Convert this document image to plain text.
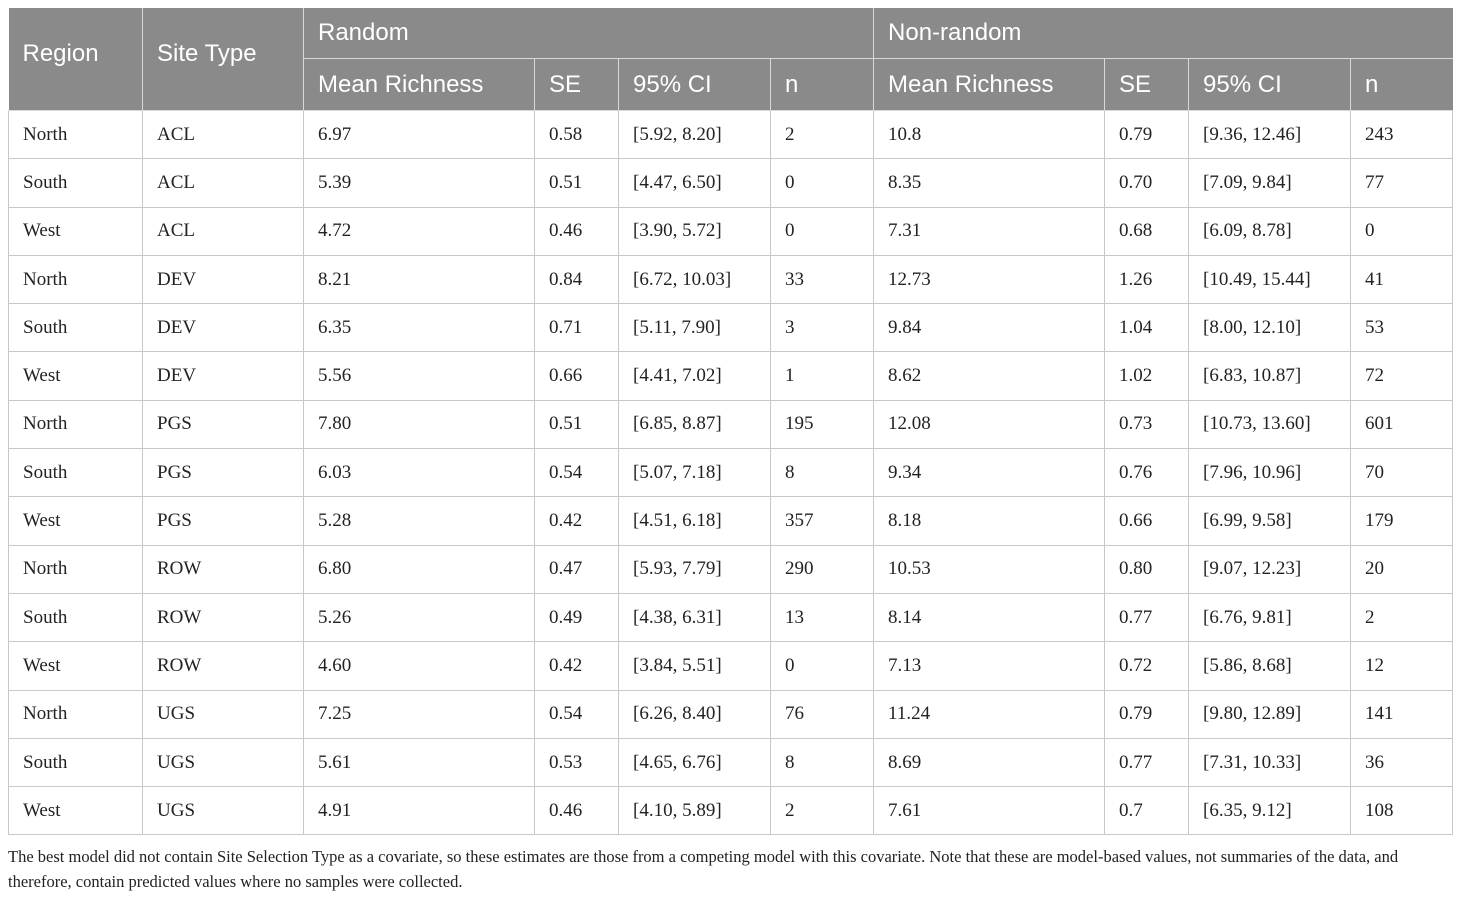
Region	Site Type	Random				Non-random			
		Mean Richness	SE	95% CI	n	Mean Richness	SE	95% CI	n
North	ACL	6.97	0.58	[5.92, 8.20]	2	10.8	0.79	[9.36, 12.46]	243
South	ACL	5.39	0.51	[4.47, 6.50]	0	8.35	0.70	[7.09, 9.84]	77
West	ACL	4.72	0.46	[3.90, 5.72]	0	7.31	0.68	[6.09, 8.78]	0
North	DEV	8.21	0.84	[6.72, 10.03]	33	12.73	1.26	[10.49, 15.44]	41
South	DEV	6.35	0.71	[5.11, 7.90]	3	9.84	1.04	[8.00, 12.10]	53
West	DEV	5.56	0.66	[4.41, 7.02]	1	8.62	1.02	[6.83, 10.87]	72
North	PGS	7.80	0.51	[6.85, 8.87]	195	12.08	0.73	[10.73, 13.60]	601
South	PGS	6.03	0.54	[5.07, 7.18]	8	9.34	0.76	[7.96, 10.96]	70
West	PGS	5.28	0.42	[4.51, 6.18]	357	8.18	0.66	[6.99, 9.58]	179
North	ROW	6.80	0.47	[5.93, 7.79]	290	10.53	0.80	[9.07, 12.23]	20
South	ROW	5.26	0.49	[4.38, 6.31]	13	8.14	0.77	[6.76, 9.81]	2
West	ROW	4.60	0.42	[3.84, 5.51]	0	7.13	0.72	[5.86, 8.68]	12
North	UGS	7.25	0.54	[6.26, 8.40]	76	11.24	0.79	[9.80, 12.89]	141
South	UGS	5.61	0.53	[4.65, 6.76]	8	8.69	0.77	[7.31, 10.33]	36
West	UGS	4.91	0.46	[4.10, 5.89]	2	7.61	0.7	[6.35, 9.12]	108
The best model did not contain Site Selection Type as a covariate, so these estimates are those from a competing model with this covariate. Note that these are model-based values, not summaries of the data, and therefore, contain predicted values where no samples were collected.
